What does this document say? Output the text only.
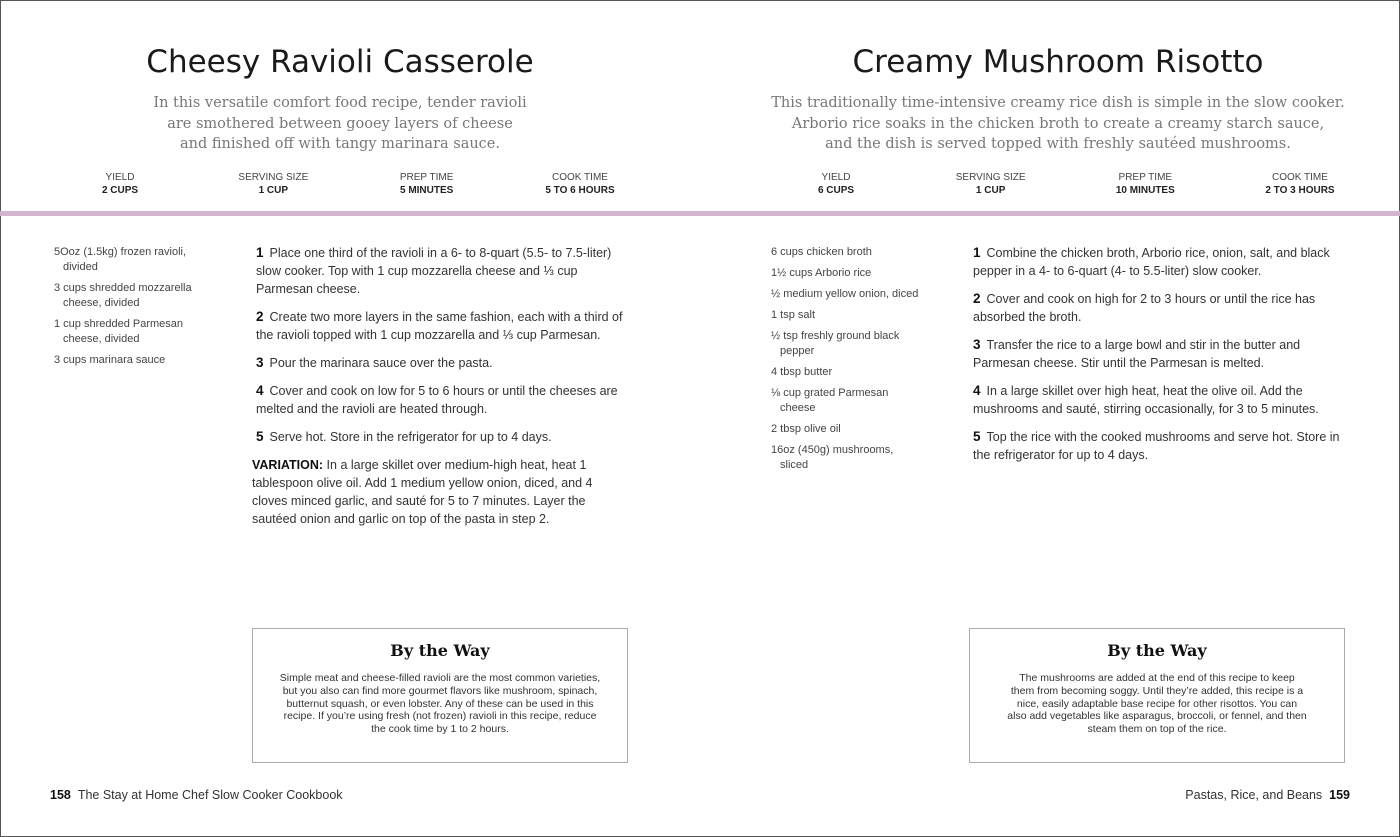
Cheesy Ravioli Casserole
In this versatile comfort food recipe, tender ravioli
are smothered between gooey layers of cheese
and finished off with tangy marinara sauce.
YIELD
2 CUPS
SERVING SIZE
1 CUP
PREP TIME
5 MINUTES
COOK TIME
5 TO 6 HOURS
5Ooz (1.5kg) frozen ravioli, divided
3 cups shredded mozzarella cheese, divided
1 cup shredded Parmesan cheese, divided
3 cups marinara sauce
1 Place one third of the ravioli in a 6- to 8-quart (5.5- to 7.5-liter) slow cooker. Top with 1 cup mozzarella cheese and ⅓ cup Parmesan cheese.
2 Create two more layers in the same fashion, each with a third of the ravioli topped with 1 cup mozzarella and ⅓ cup Parmesan.
3 Pour the marinara sauce over the pasta.
4 Cover and cook on low for 5 to 6 hours or until the cheeses are melted and the ravioli are heated through.
5 Serve hot. Store in the refrigerator for up to 4 days.
VARIATION: In a large skillet over medium-high heat, heat 1 tablespoon olive oil. Add 1 medium yellow onion, diced, and 4 cloves minced garlic, and sauté for 5 to 7 minutes. Layer the sautéed onion and garlic on top of the pasta in step 2.
By the Way

Simple meat and cheese-filled ravioli are the most common varieties, but you also can find more gourmet flavors like mushroom, spinach, butternut squash, or even lobster. Any of these can be used in this recipe. If you’re using fresh (not frozen) ravioli in this recipe, reduce the cook time by 1 to 2 hours.

158 The Stay at Home Chef Slow Cooker Cookbook
Creamy Mushroom Risotto
This traditionally time-intensive creamy rice dish is simple in the slow cooker.
Arborio rice soaks in the chicken broth to create a creamy starch sauce,
and the dish is served topped with freshly sautéed mushrooms.
YIELD
6 CUPS
SERVING SIZE
1 CUP
PREP TIME
10 MINUTES
COOK TIME
2 TO 3 HOURS
6 cups chicken broth
1½ cups Arborio rice
½ medium yellow onion, diced
1 tsp salt
½ tsp freshly ground black pepper
4 tbsp butter
⅛ cup grated Parmesan cheese
2 tbsp olive oil
16oz (450g) mushrooms, sliced
1 Combine the chicken broth, Arborio rice, onion, salt, and black pepper in a 4- to 6-quart (4- to 5.5-liter) slow cooker.
2 Cover and cook on high for 2 to 3 hours or until the rice has absorbed the broth.
3 Transfer the rice to a large bowl and stir in the butter and Parmesan cheese. Stir until the Parmesan is melted.
4 In a large skillet over high heat, heat the olive oil. Add the mushrooms and sauté, stirring occasionally, for 3 to 5 minutes.
5 Top the rice with the cooked mushrooms and serve hot. Store in the refrigerator for up to 4 days.
By the Way

The mushrooms are added at the end of this recipe to keep them from becoming soggy. Until they’re added, this recipe is a nice, easily adaptable base recipe for other risottos. You can also add vegetables like asparagus, broccoli, or fennel, and then steam them on top of the rice.

Pastas, Rice, and Beans 159
